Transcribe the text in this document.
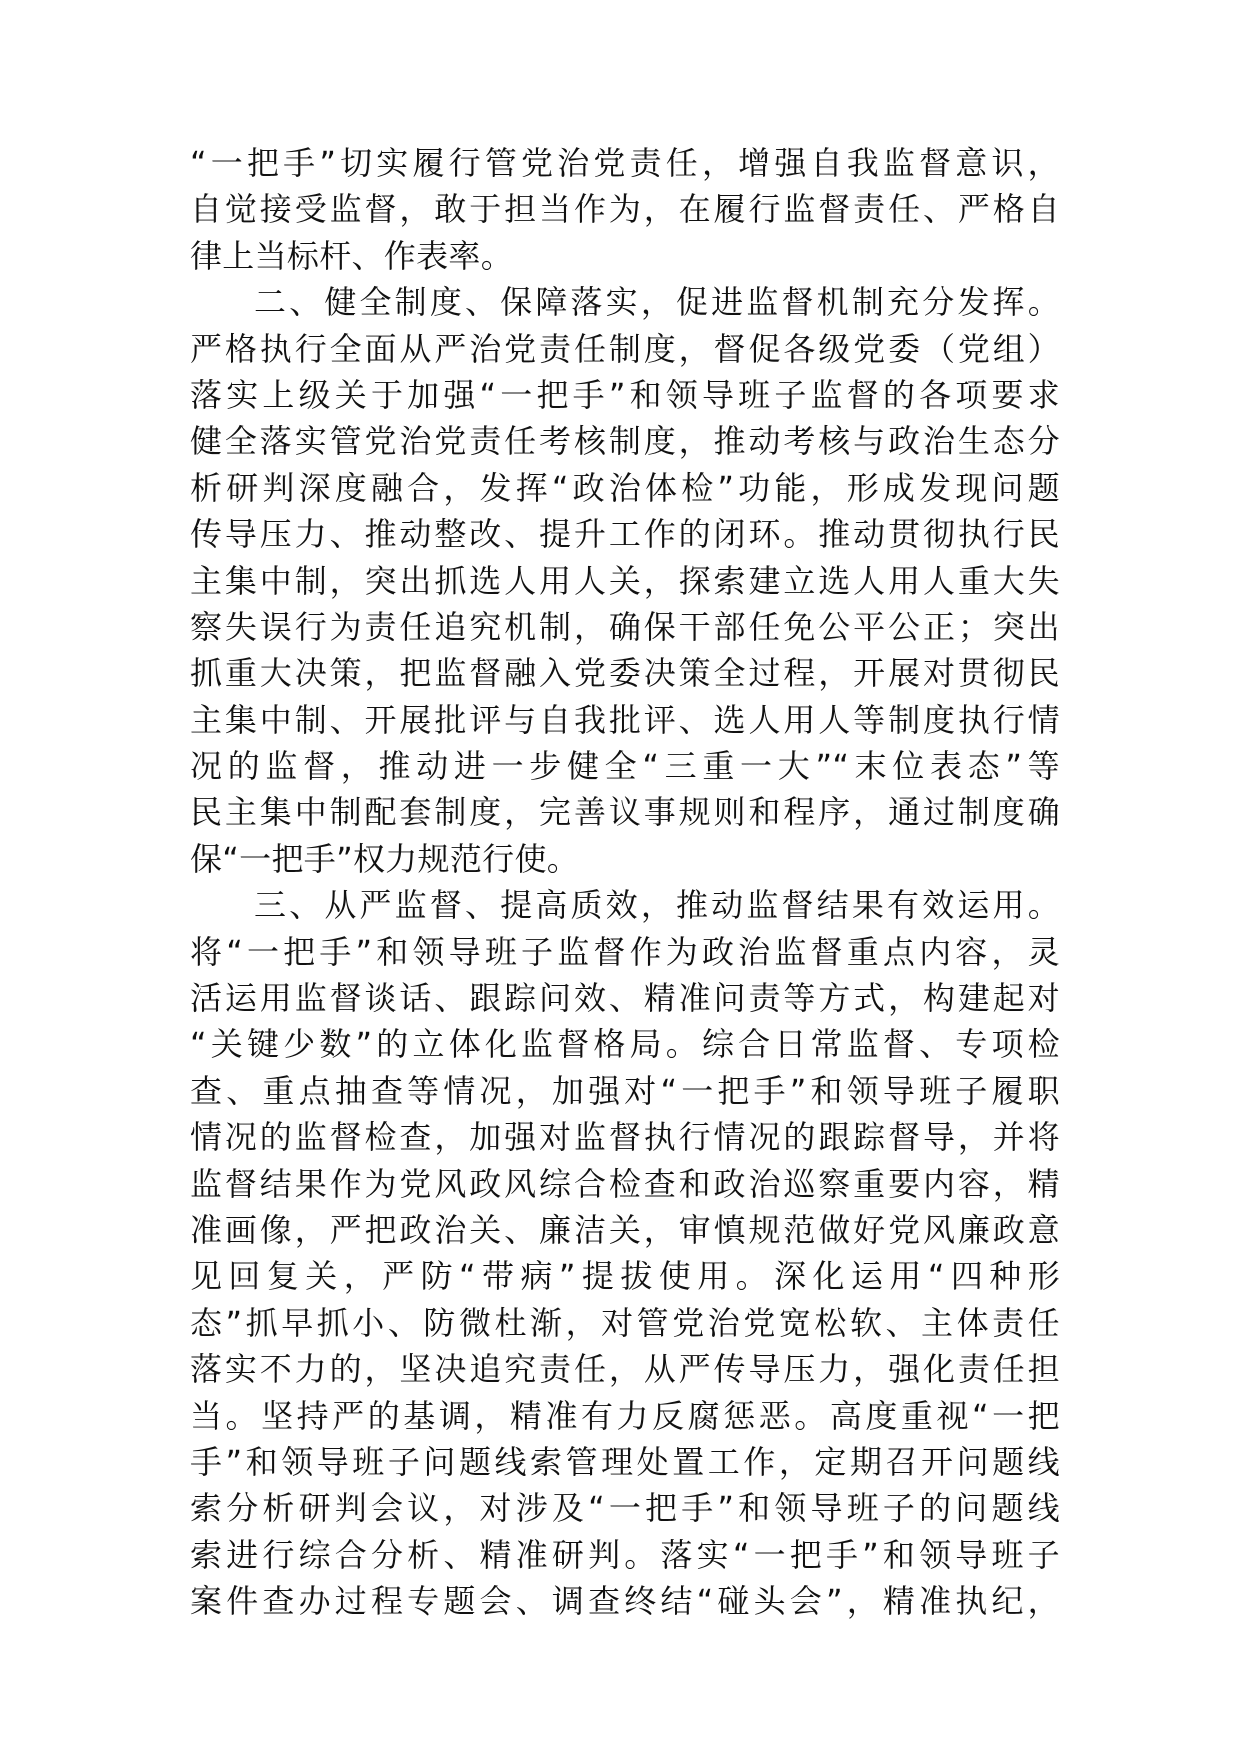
“一把手”切实履行管党治党责任，增强自我监督意识，
自觉接受监督，敢于担当作为，在履行监督责任、严格自
律上当标杆、作表率。
二、健全制度、保障落实，促进监督机制充分发挥。
严格执行全面从严治党责任制度，督促各级党委（党组）
落实上级关于加强“一把手”和领导班子监督的各项要求
健全落实管党治党责任考核制度，推动考核与政治生态分
析研判深度融合，发挥“政治体检”功能，形成发现问题
传导压力、推动整改、提升工作的闭环。推动贯彻执行民
主集中制，突出抓选人用人关，探索建立选人用人重大失
察失误行为责任追究机制，确保干部任免公平公正；突出
抓重大决策，把监督融入党委决策全过程，开展对贯彻民
主集中制、开展批评与自我批评、选人用人等制度执行情
况的监督，推动进一步健全“三重一大”“末位表态”等
民主集中制配套制度，完善议事规则和程序，通过制度确
保“一把手”权力规范行使。
三、从严监督、提高质效，推动监督结果有效运用。
将“一把手”和领导班子监督作为政治监督重点内容，灵
活运用监督谈话、跟踪问效、精准问责等方式，构建起对
“关键少数”的立体化监督格局。综合日常监督、专项检
查、重点抽查等情况，加强对“一把手”和领导班子履职
情况的监督检查，加强对监督执行情况的跟踪督导，并将
监督结果作为党风政风综合检查和政治巡察重要内容，精
准画像，严把政治关、廉洁关，审慎规范做好党风廉政意
见回复关，严防“带病”提拔使用。深化运用“四种形
态”抓早抓小、防微杜渐，对管党治党宽松软、主体责任
落实不力的，坚决追究责任，从严传导压力，强化责任担
当。坚持严的基调，精准有力反腐惩恶。高度重视“一把
手”和领导班子问题线索管理处置工作，定期召开问题线
索分析研判会议，对涉及“一把手”和领导班子的问题线
索进行综合分析、精准研判。落实“一把手”和领导班子
案件查办过程专题会、调查终结“碰头会”，精准执纪，
